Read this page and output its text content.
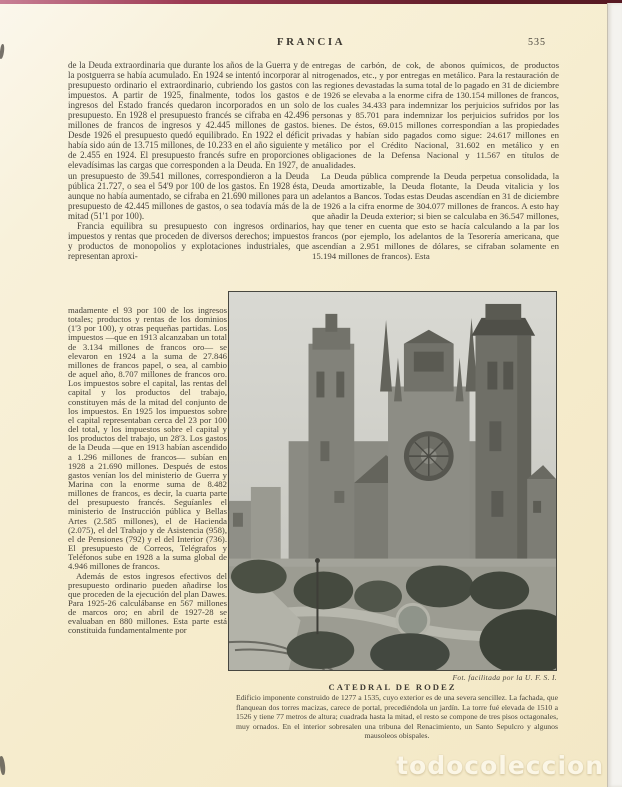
FRANCIA	535

de la Deuda extraordinaria que durante los años de la Guerra y de la postguerra se había acumulado. En 1924 se intentó incorporar al presupuesto ordinario el extraordinario, cubriendo los gastos con impuestos. A partir de 1925, finalmente, todos los gastos e ingresos del Estado francés quedaron incorporados en un solo presupuesto. En 1928 el presupuesto francés se cifraba en 42.496 millones de francos de ingresos y 42.445 millones de gastos. Desde 1926 el presupuesto quedó equilibrado. En 1922 el déficit había sido aún de 13.715 millones, de 10.233 en el año siguiente y de 2.455 en 1924. El presupuesto francés sufre en proporciones elevadísimas las cargas que corresponden a la Deuda. En 1927, de un presupuesto de 39.541 millones, correspondieron a la Deuda pública 21.727, o sea el 54'9 por 100 de los gastos. En 1928 ésta, aunque no había aumentado, se cifraba en 21.690 millones para un presupuesto de 42.445 millones de gastos, o sea todavía más de la mitad (51'1 por 100).

Francia equilibra su presupuesto con ingresos ordinarios, impuestos y rentas que proceden de diversos derechos; impuestos y productos de monopolios y explotaciones industriales, que representan aproxi-

entregas de carbón, de cok, de abonos químicos, de productos nitrogenados, etc., y por entregas en metálico. Para la restauración de las regiones devastadas la suma total de lo pagado en 31 de diciembre de 1926 se elevaba a la enorme cifra de 130.154 millones de francos, de los cuales 34.433 para indemnizar los perjuicios sufridos por las personas y 85.701 para indemnizar los perjuicios sufridos por los bienes. De éstos, 69.015 millones correspondían a las propiedades privadas y habían sido pagados como sigue: 24.617 millones en metálico por el Crédito Nacional, 31.602 en metálico y en obligaciones de la Defensa Nacional y 11.567 en títulos de anualidades.

La Deuda pública comprende la Deuda perpetua consolidada, la Deuda amortizable, la Deuda flotante, la Deuda vitalicia y los adelantos a Bancos. Todas estas Deudas ascendían en 31 de diciembre de 1926 a la cifra enorme de 304.077 millones de francos. A esto hay que añadir la Deuda exterior; si bien se calculaba en 36.547 millones, hay que tener en cuenta que esto se hacía calculando a la par los francos (por ejemplo, los adelantos de la Tesorería americana, que ascendían a 2.951 millones de dólares, se cifraban solamente en 15.194 millones de francos). Esta

madamente el 93 por 100 de los ingresos totales; productos y rentas de los dominios (1'3 por 100), y otras pequeñas partidas. Los impuestos —que en 1913 alcanzaban un total de 3.134 millones de francos oro— se elevaron en 1924 a la suma de 27.846 millones de francos papel, o sea, al cambio de aquel año, 8.707 millones de francos oro. Los impuestos sobre el capital, las rentas del capital y los productos del trabajo, constituyen más de la mitad del conjunto de los impuestos. En 1925 los impuestos sobre el capital representaban cerca del 23 por 100 del total, y los impuestos sobre el capital y los productos del trabajo, un 28'3. Los gastos de la Deuda —que en 1913 habían ascendido a 1.296 millones de francos— subían en 1928 a 21.690 millones. Después de estos gastos venían los del ministerio de Guerra y Marina con la enorme suma de 8.482 millones de francos, es decir, la cuarta parte del presupuesto francés. Seguíanles el ministerio de Instrucción pública y Bellas Artes (2.585 millones), el de Hacienda (2.075), el del Trabajo y de Asistencia (958), el de Pensiones (792) y el del Interior (736). El presupuesto de Correos, Telégrafos y Teléfonos sube en 1928 a la suma global de 4.946 millones de francos.

Además de estos ingresos efectivos del presupuesto ordinario pueden añadirse los que proceden de la ejecución del plan Dawes. Para 1925-26 calculábanse en 567 millones de marcos oro; en abril de 1927-28 se evaluaban en 880 millones. Esta parte está constituida fundamentalmente por

Fot. facilitada por la U. F. S. I.
CATEDRAL DE RODEZ
Edificio imponente construido de 1277 a 1535, cuyo exterior es de una severa sencillez. La fachada, que flanquean dos torres macizas, carece de portal, precediéndola un jardín. La torre fué elevada de 1510 a 1526 y tiene 77 metros de altura; cuadrada hasta la mitad, el resto se compone de tres pisos octagonales, muy ornados. En el interior sobresalen una tribuna del Renacimiento, un Santo Sepulcro y algunos mausoleos obispales.
todocoleccion
